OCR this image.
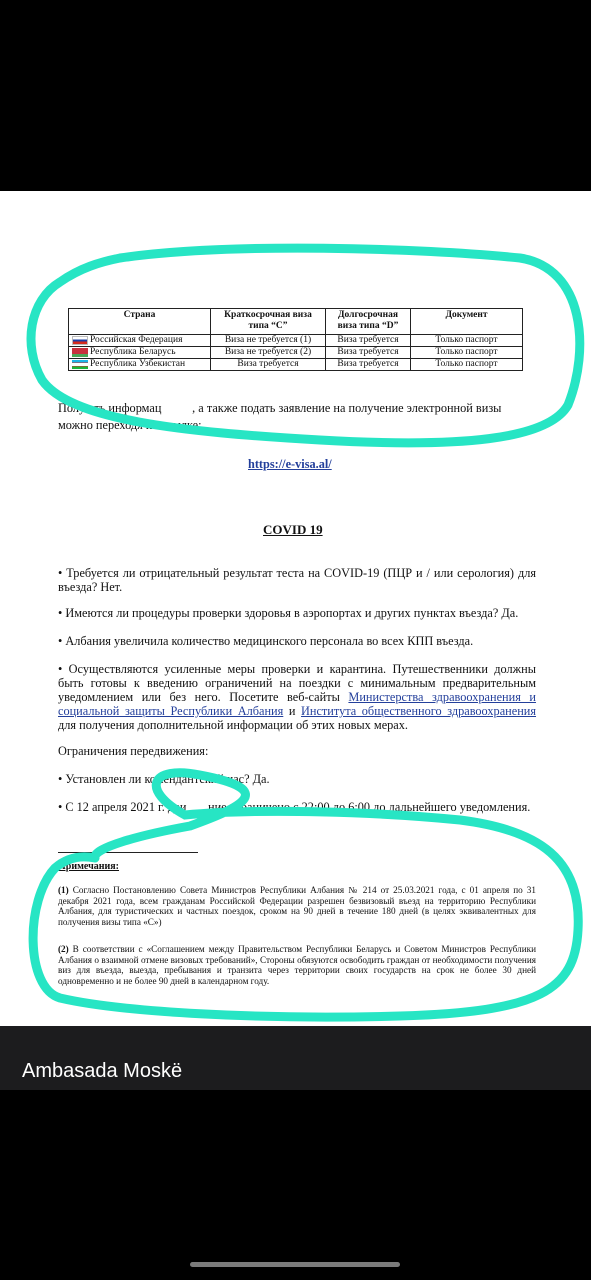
Страна	Краткосрочная виза типа “C”	Долгосрочная виза типа “D”	Документ
Российская Федерация	Виза не требуется (1)	Виза требуется	Только паспорт
Республика Беларусь	Виза не требуется (2)	Виза требуется	Только паспорт
Республика Узбекистан	Виза требуется	Виза требуется	Только паспорт
Полу   ть информац          , а также подать заявление на получение электронной визы
можно переходя по ссылке:
https://e-visa.al/
COVID 19
• Требуется ли отрицательный результат теста на COVID-19 (ПЦР и / или серология) для въезда? Нет.
• Имеются ли процедуры проверки здоровья в аэропортах и других пунктах въезда? Да.
• Албания увеличила количество медицинского персонала во всех КПП въезда.
• Осуществляются усиленные меры проверки и карантина. Путешественники должны быть готовы к введению ограничений на поездки с минимальным предварительным уведомлением или без него. Посетите веб-сайты Министерства здравоохранения и социальной защиты Республики Албания и Института общественного здравоохранения для получения дополнительной информации об этих новых мерах.
Ограничения передвижения:
• Установлен ли комендантский час? Да.
• С 12 апреля 2021 г. дви       ние ограничено с 22:00 до 6:00 до дальнейшего уведомления.
Примечания:
(1) Согласно Постановлению Совета Министров Республики Албания № 214 от 25.03.2021 года, с 01 апреля по 31 декабря 2021 года, всем гражданам Российской Федерации разрешен безвизовый въезд на территорию Республики Албания, для туристических и частных поездок, сроком на 90 дней в течение 180 дней (в целях эквивалентных для получения визы типа «С»)
(2) В соответствии с «Соглашением между Правительством Республики Беларусь и Советом Министров Республики Албания о взаимной отмене визовых требований», Стороны обязуются освободить граждан от необходимости получения виз для въезда, выезда, пребывания и транзита через территории своих государств на срок не более 30 дней одновременно и не более 90 дней в календарном году.
Ambasada Moskë
